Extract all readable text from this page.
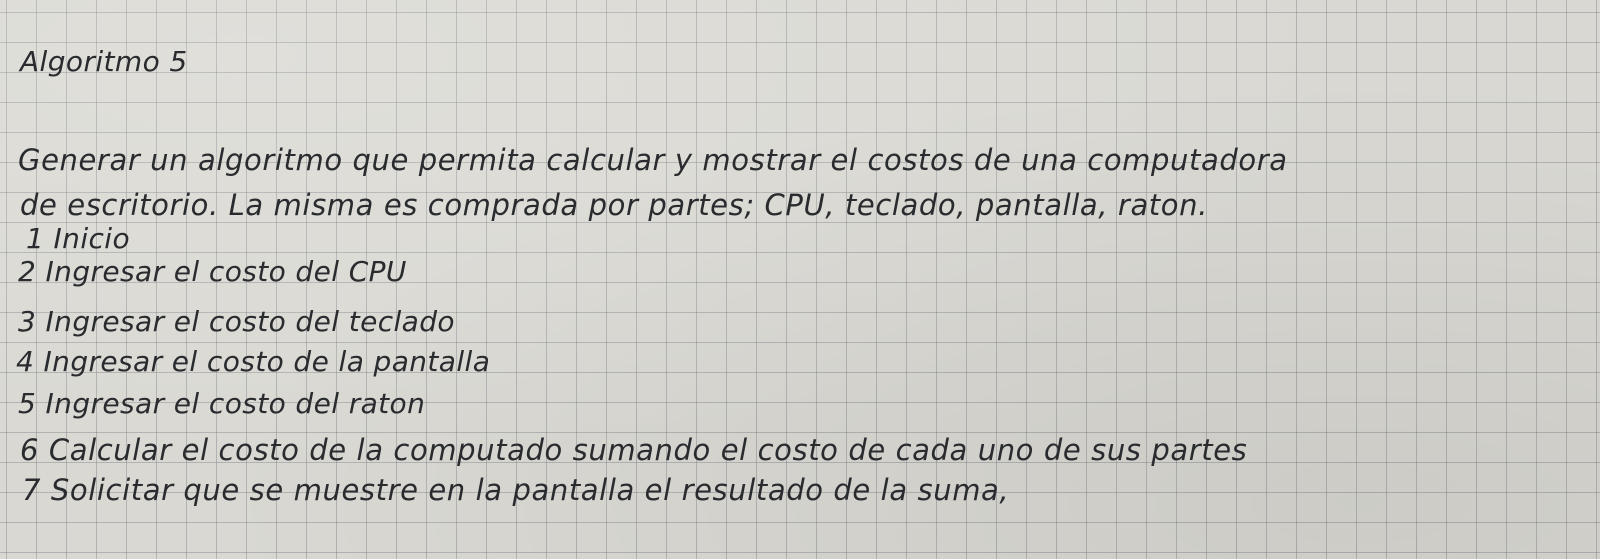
Algoritmo 5
Generar un algoritmo que permita calcular y mostrar el costos de una computadora
de escritorio. La misma es comprada por partes; CPU, teclado, pantalla, raton.
1 Inicio
2 Ingresar el costo del CPU
3 Ingresar el costo del teclado
4 Ingresar el costo de la pantalla
5 Ingresar el costo del raton
6 Calcular el costo de la computado sumando el costo de cada uno de sus partes
7 Solicitar que se muestre en la pantalla el resultado de la suma,
